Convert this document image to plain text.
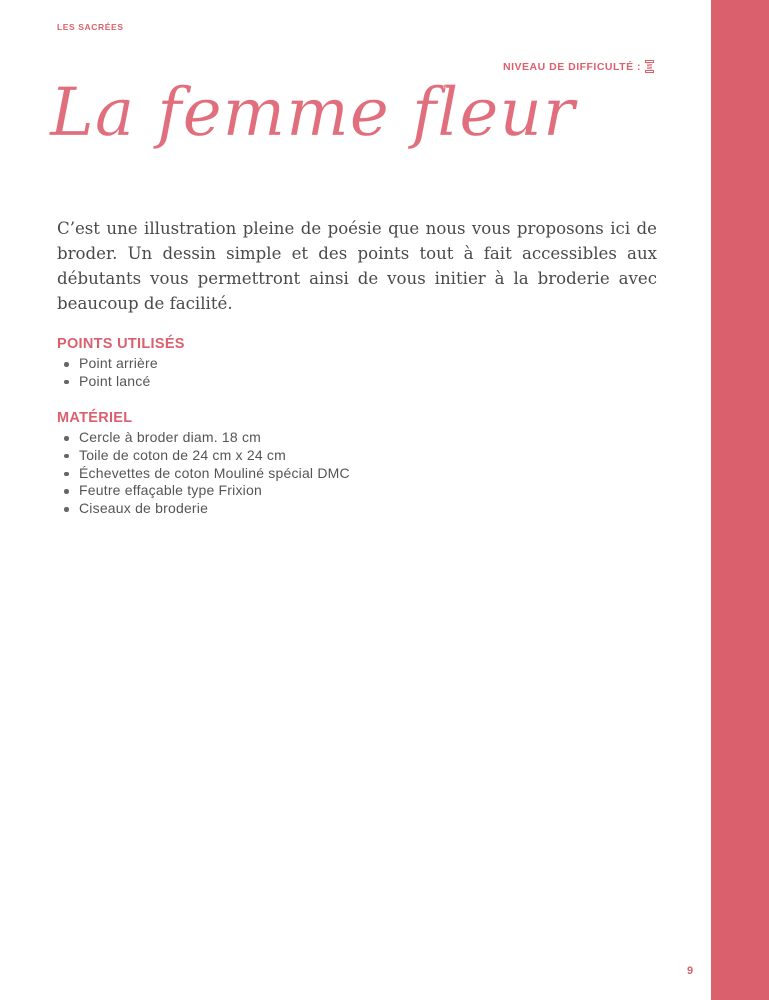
LES SACRÉES
NIVEAU DE DIFFICULTÉ :
La femme fleur

C’est une illustration pleine de poésie que nous vous proposons ici de broder. Un dessin simple et des points tout à fait accessibles aux débutants vous permettront ainsi de vous initier à la broderie avec beaucoup de facilité.

POINTS UTILISÉS
Point arrière
Point lancé
MATÉRIEL
Cercle à broder diam. 18 cm
Toile de coton de 24 cm x 24 cm
Échevettes de coton Mouliné spécial DMC
Feutre effaçable type Frixion
Ciseaux de broderie
9
